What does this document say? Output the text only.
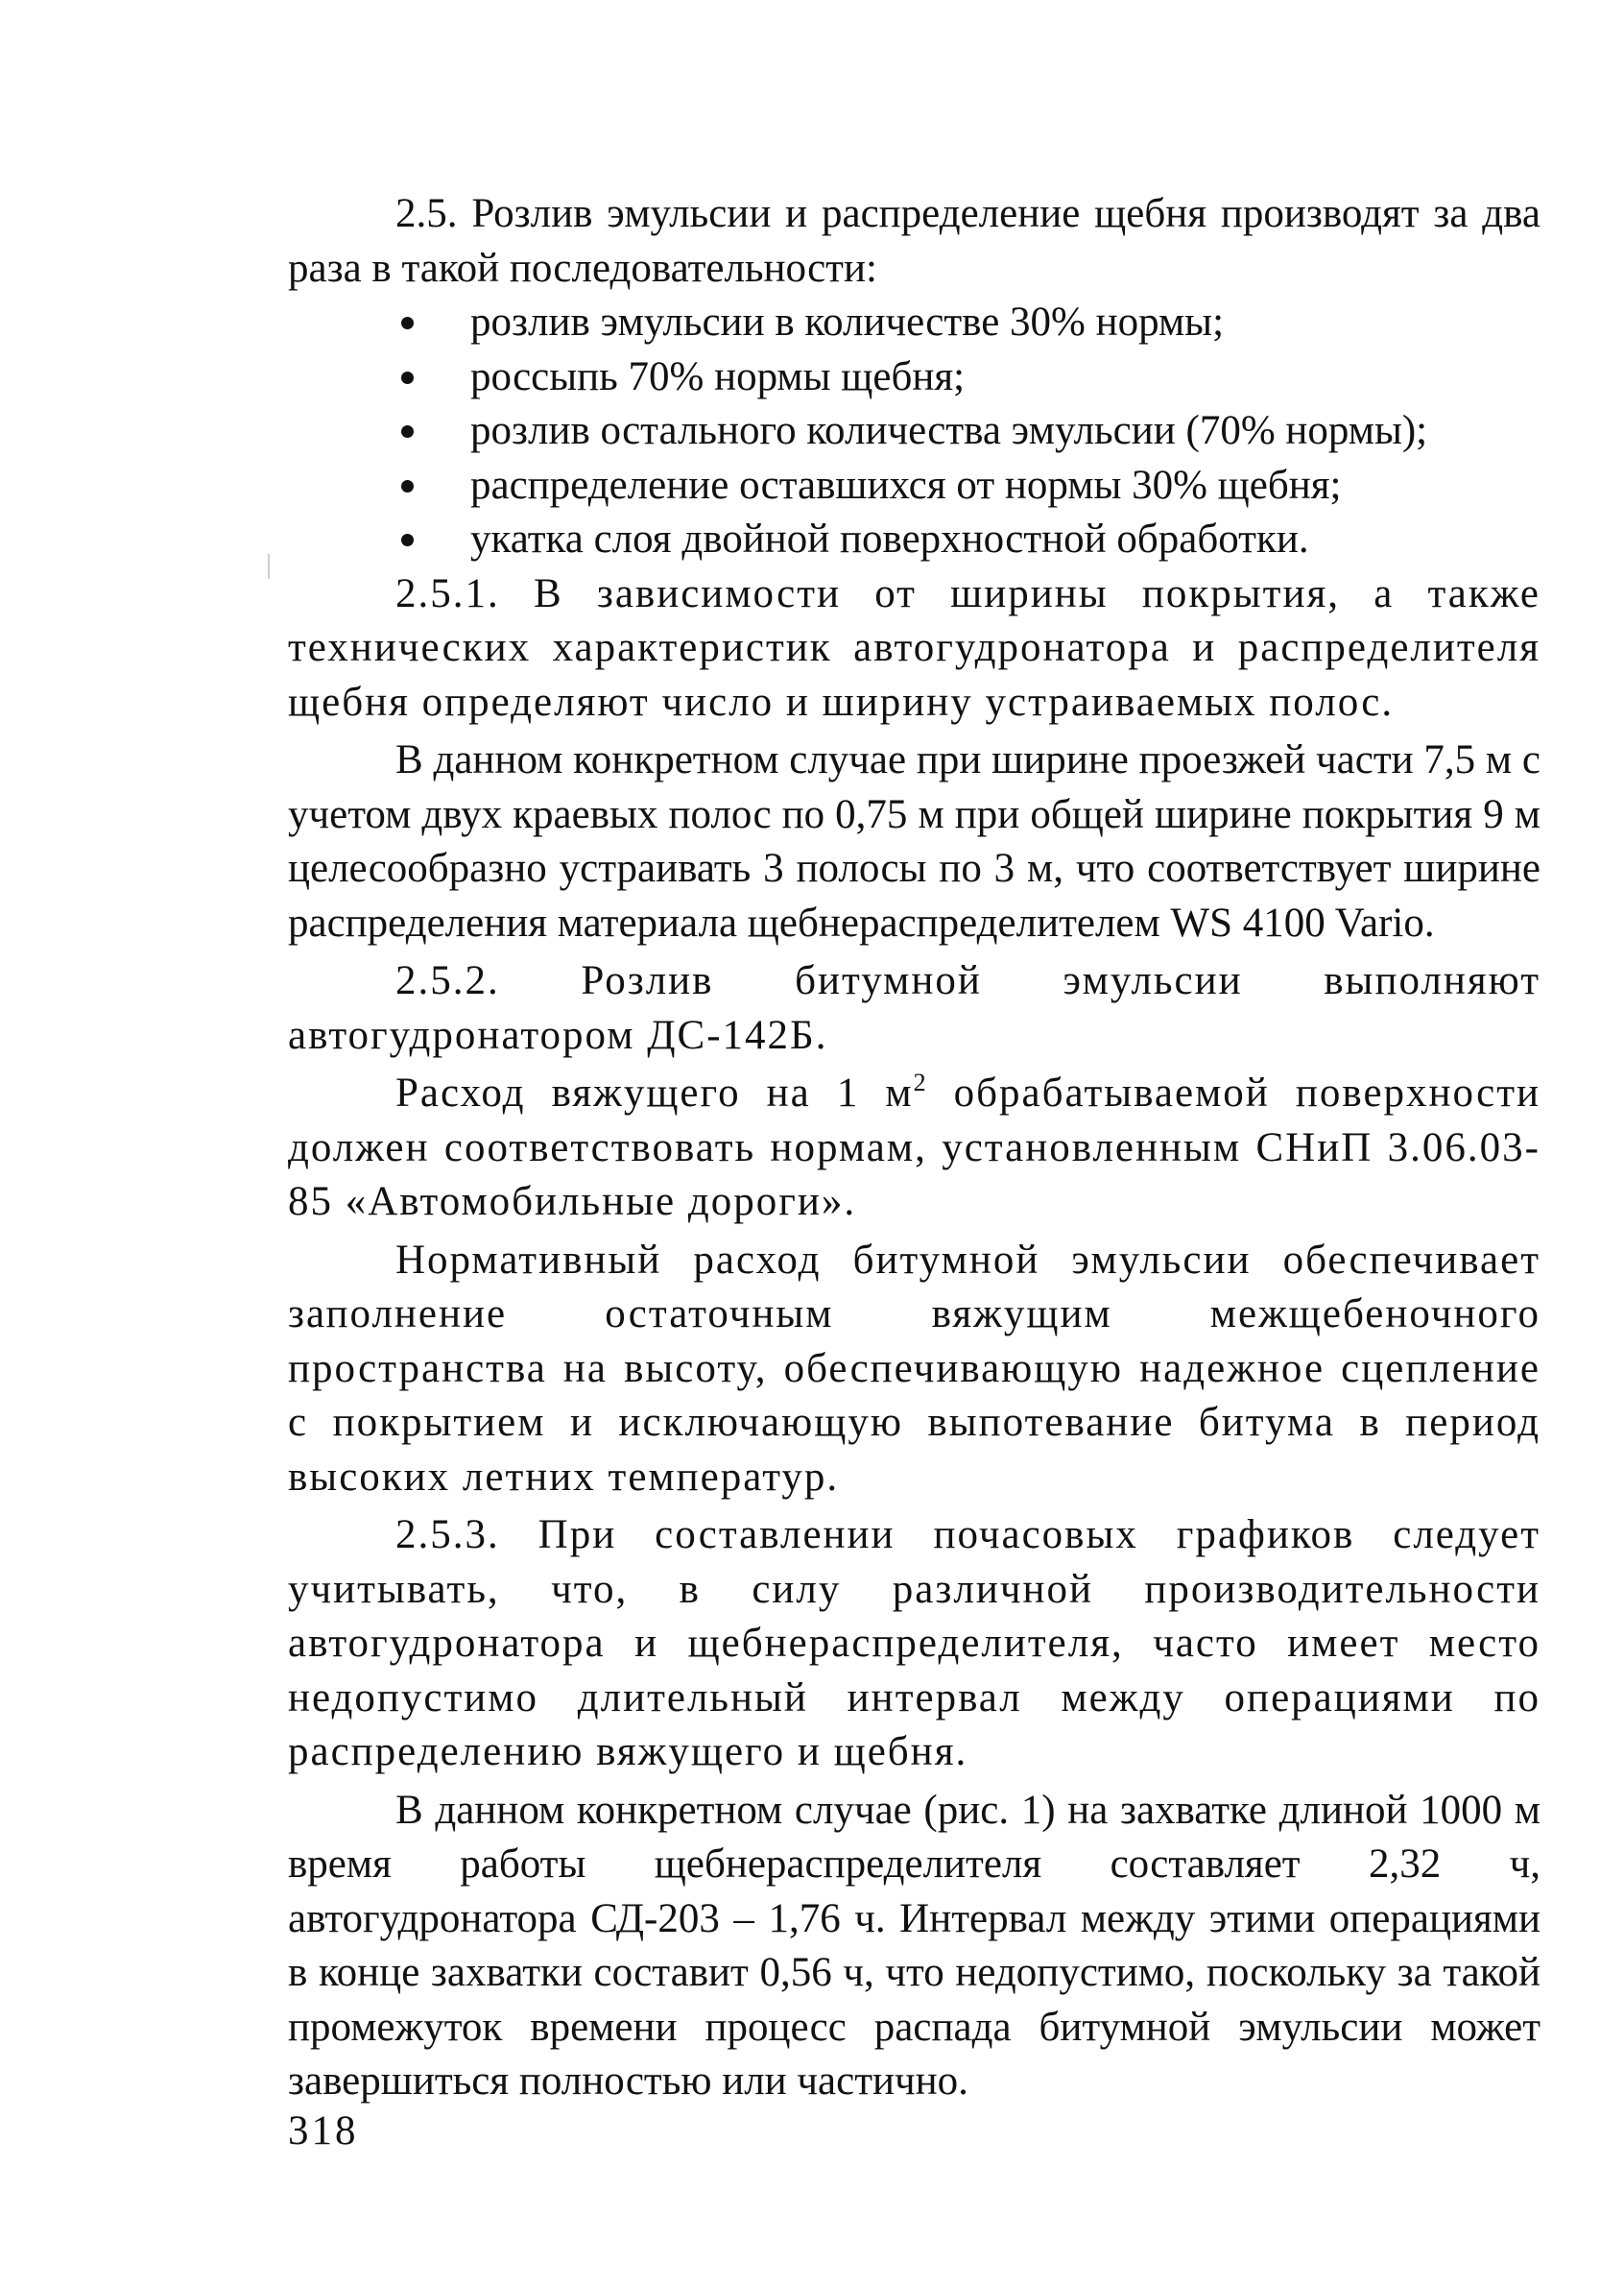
2.5. Розлив эмульсии и распределение щебня производят за два раза в такой последовательности:

розлив эмульсии в количестве 30% нормы;
россыпь 70% нормы щебня;
розлив остального количества эмульсии (70% нормы);
распределение оставшихся от нормы 30% щебня;
укатка слоя двойной поверхностной обработки.

2.5.1. В зависимости от ширины покрытия, а также технических характеристик автогудронатора и распределителя щебня определяют число и ширину устраиваемых полос.

В данном конкретном случае при ширине проезжей части 7,5 м с учетом двух краевых полос по 0,75 м при общей ширине покрытия 9 м целесообразно устраивать 3 полосы по 3 м, что соответствует ширине распределения материала щебнераспределителем WS 4100 Vario.

2.5.2. Розлив битумной эмульсии выполняют автогудронатором ДС-142Б.

Расход вяжущего на 1 $м^2$ обрабатываемой поверхности должен соответствовать нормам, установленным СНиП 3.06.03-85 «Автомобильные дороги».

Нормативный расход битумной эмульсии обеспечивает заполнение остаточным вяжущим межщебеночного пространства на высоту, обеспечивающую надежное сцепление с покрытием и исключающую выпотевание битума в период высоких летних температур.

2.5.3. При составлении почасовых графиков следует учитывать, что, в силу различной производительности автогудронатора и щебнераспределителя, часто имеет место недопустимо длительный интервал между операциями по распределению вяжущего и щебня.

В данном конкретном случае (рис. 1) на захватке длиной 1000 м время работы щебнераспределителя составляет 2,32 ч, автогудронатора СД-203 – 1,76 ч. Интервал между этими операциями в конце захватки составит 0,56 ч, что недопустимо, поскольку за такой промежуток времени процесс распада битумной эмульсии может завершиться полностью или частично.

318
